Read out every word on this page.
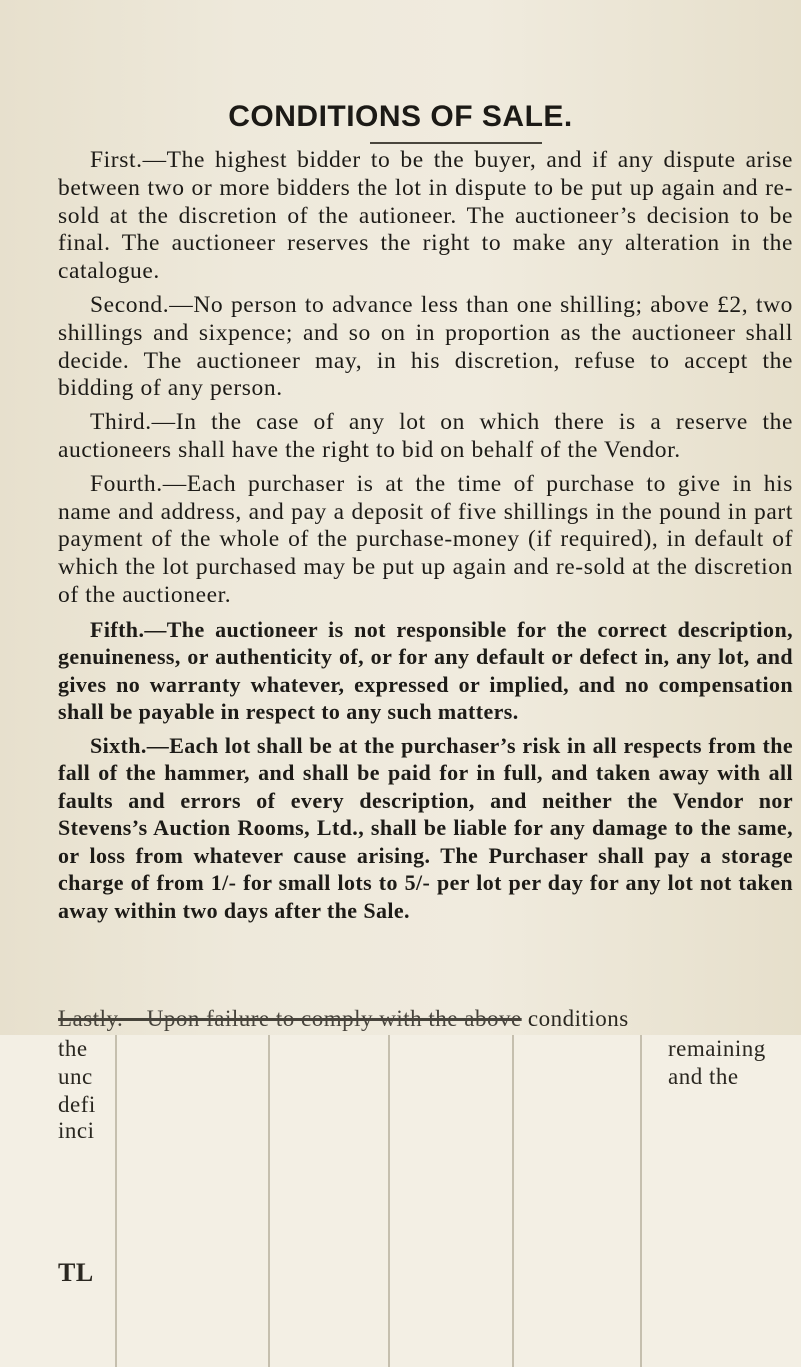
CONDITIONS OF SALE.

First.—The highest bidder to be the buyer, and if any dispute arise between two or more bidders the lot in dispute to be put up again and re-sold at the discretion of the autioneer. The auctioneer’s decision to be final. The auctioneer reserves the right to make any alteration in the catalogue.

Second.—No person to advance less than one shilling; above £2, two shillings and sixpence; and so on in proportion as the auctioneer shall decide. The auctioneer may, in his discretion, refuse to accept the bidding of any person.

Third.—In the case of any lot on which there is a reserve the auctioneers shall have the right to bid on behalf of the Vendor.

Fourth.—Each purchaser is at the time of purchase to give in his name and address, and pay a deposit of five shillings in the pound in part payment of the whole of the purchase-money (if required), in default of which the lot purchased may be put up again and re-sold at the discretion of the auctioneer.

Fifth.—The auctioneer is not responsible for the correct description, genuineness, or authenticity of, or for any default or defect in, any lot, and gives no warranty whatever, expressed or implied, and no compensation shall be payable in respect to any such matters.

Sixth.—Each lot shall be at the purchaser’s risk in all respects from the fall of the hammer, and shall be paid for in full, and taken away with all faults and errors of every description, and neither the Vendor nor Stevens’s Auction Rooms, Ltd., shall be liable for any damage to the same, or loss from whatever cause arising. The Purchaser shall pay a storage charge of from 1/- for small lots to 5/- per lot per day for any lot not taken away within two days after the Sale.

Lastly.—Upon failure to comply with the above conditions
the
unc
defi
inci
remaining
and the
TL
